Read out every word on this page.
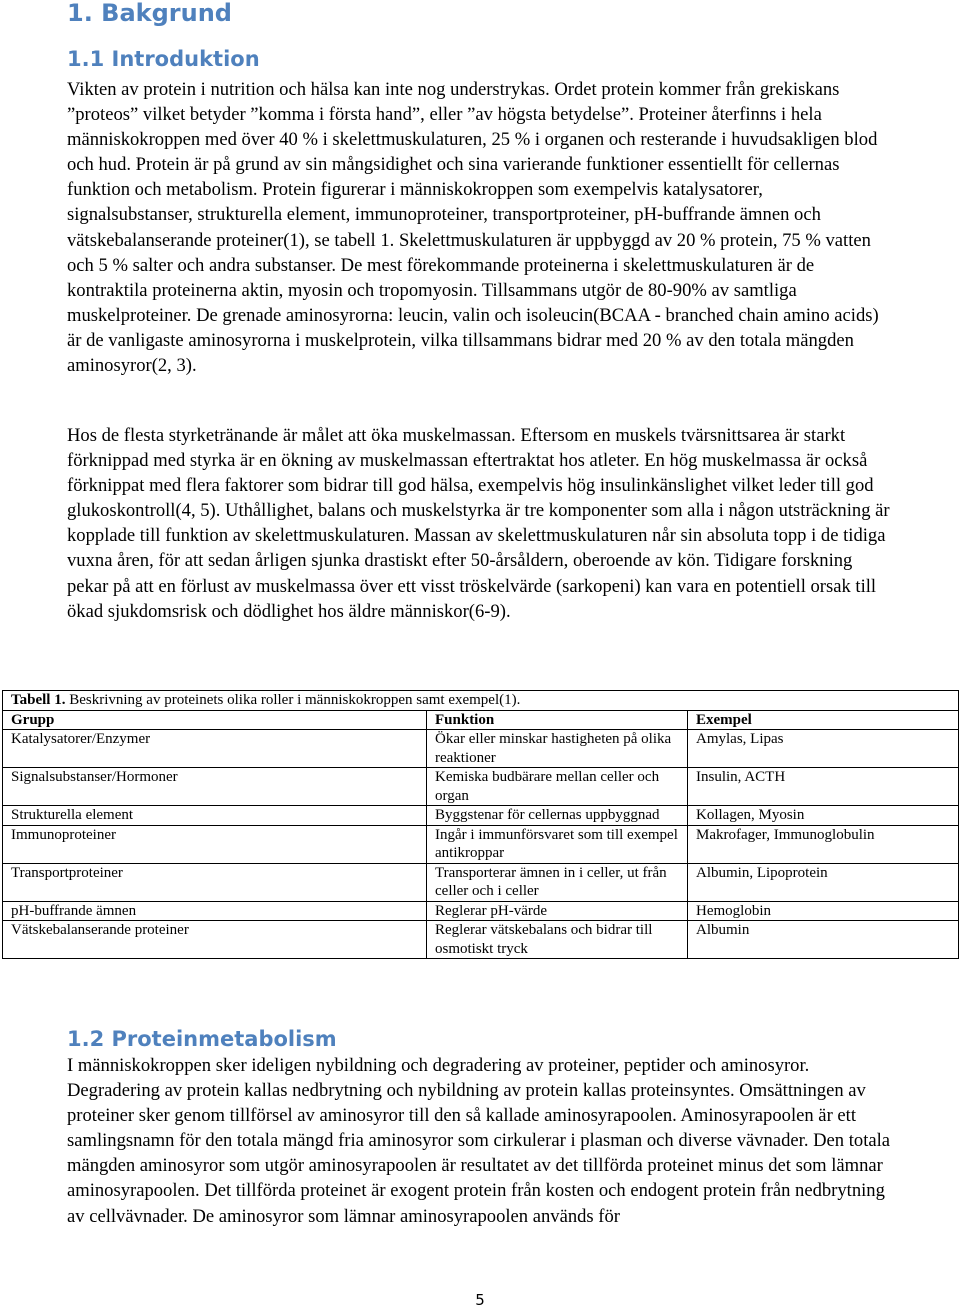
1. Bakgrund
1.1 Introduktion

Vikten av protein i nutrition och hälsa kan inte nog understrykas. Ordet protein kommer från grekiskans ”proteos” vilket betyder ”komma i första hand”, eller ”av högsta betydelse”. Proteiner återfinns i hela människokroppen med över 40 % i skelettmuskulaturen, 25 % i organen och resterande i huvudsakligen blod och hud. Protein är på grund av sin mångsidighet och sina varierande funktioner essentiellt för cellernas funktion och metabolism. Protein figurerar i människokroppen som exempelvis katalysatorer, signalsubstanser, strukturella element, immunoproteiner, transportproteiner, pH-buffrande ämnen och vätskebalanserande proteiner(1), se tabell 1. Skelettmuskulaturen är uppbyggd av 20 % protein, 75 % vatten och 5 % salter och andra substanser. De mest förekommande proteinerna i skelettmuskulaturen är de kontraktila proteinerna aktin, myosin och tropomyosin. Tillsammans utgör de 80-90% av samtliga muskelproteiner. De grenade aminosyrorna: leucin, valin och isoleucin(BCAA - branched chain amino acids) är de vanligaste aminosyrorna i muskelprotein, vilka tillsammans bidrar med 20 % av den totala mängden aminosyror(2, 3).

Hos de flesta styrketränande är målet att öka muskelmassan. Eftersom en muskels tvärsnittsarea är starkt förknippad med styrka är en ökning av muskelmassan eftertraktat hos atleter. En hög muskelmassa är också förknippat med flera faktorer som bidrar till god hälsa, exempelvis hög insulinkänslighet vilket leder till god glukoskontroll(4, 5). Uthållighet, balans och muskelstyrka är tre komponenter som alla i någon utsträckning är kopplade till funktion av skelettmuskulaturen. Massan av skelettmuskulaturen når sin absoluta topp i de tidiga vuxna åren, för att sedan årligen sjunka drastiskt efter 50-årsåldern, oberoende av kön. Tidigare forskning pekar på att en förlust av muskelmassa över ett visst tröskelvärde (sarkopeni) kan vara en potentiell orsak till ökad sjukdomsrisk och dödlighet hos äldre människor(6-9).

Tabell 1. Beskrivning av proteinets olika roller i människokroppen samt exempel(1).		
Grupp	Funktion	Exempel
Katalysatorer/Enzymer	Ökar eller minskar hastigheten på olika reaktioner	Amylas, Lipas
Signalsubstanser/Hormoner	Kemiska budbärare mellan celler och organ	Insulin, ACTH
Strukturella element	Byggstenar för cellernas uppbyggnad	Kollagen, Myosin
Immunoproteiner	Ingår i immunförsvaret som till exempel antikroppar	Makrofager, Immunoglobulin
Transportproteiner	Transporterar ämnen in i celler, ut från celler och i celler	Albumin, Lipoprotein
pH-buffrande ämnen	Reglerar pH-värde	Hemoglobin
Vätskebalanserande proteiner	Reglerar vätskebalans och bidrar till osmotiskt tryck	Albumin
1.2 Proteinmetabolism

I människokroppen sker ideligen nybildning och degradering av proteiner, peptider och aminosyror. Degradering av protein kallas nedbrytning och nybildning av protein kallas proteinsyntes. Omsättningen av proteiner sker genom tillförsel av aminosyror till den så kallade aminosyrapoolen. Aminosyrapoolen är ett samlingsnamn för den totala mängd fria aminosyror som cirkulerar i plasman och diverse vävnader. Den totala mängden aminosyror som utgör aminosyrapoolen är resultatet av det tillförda proteinet minus det som lämnar aminosyrapoolen. Det tillförda proteinet är exogent protein från kosten och endogent protein från nedbrytning av cellvävnader. De aminosyror som lämnar aminosyrapoolen används för

5
